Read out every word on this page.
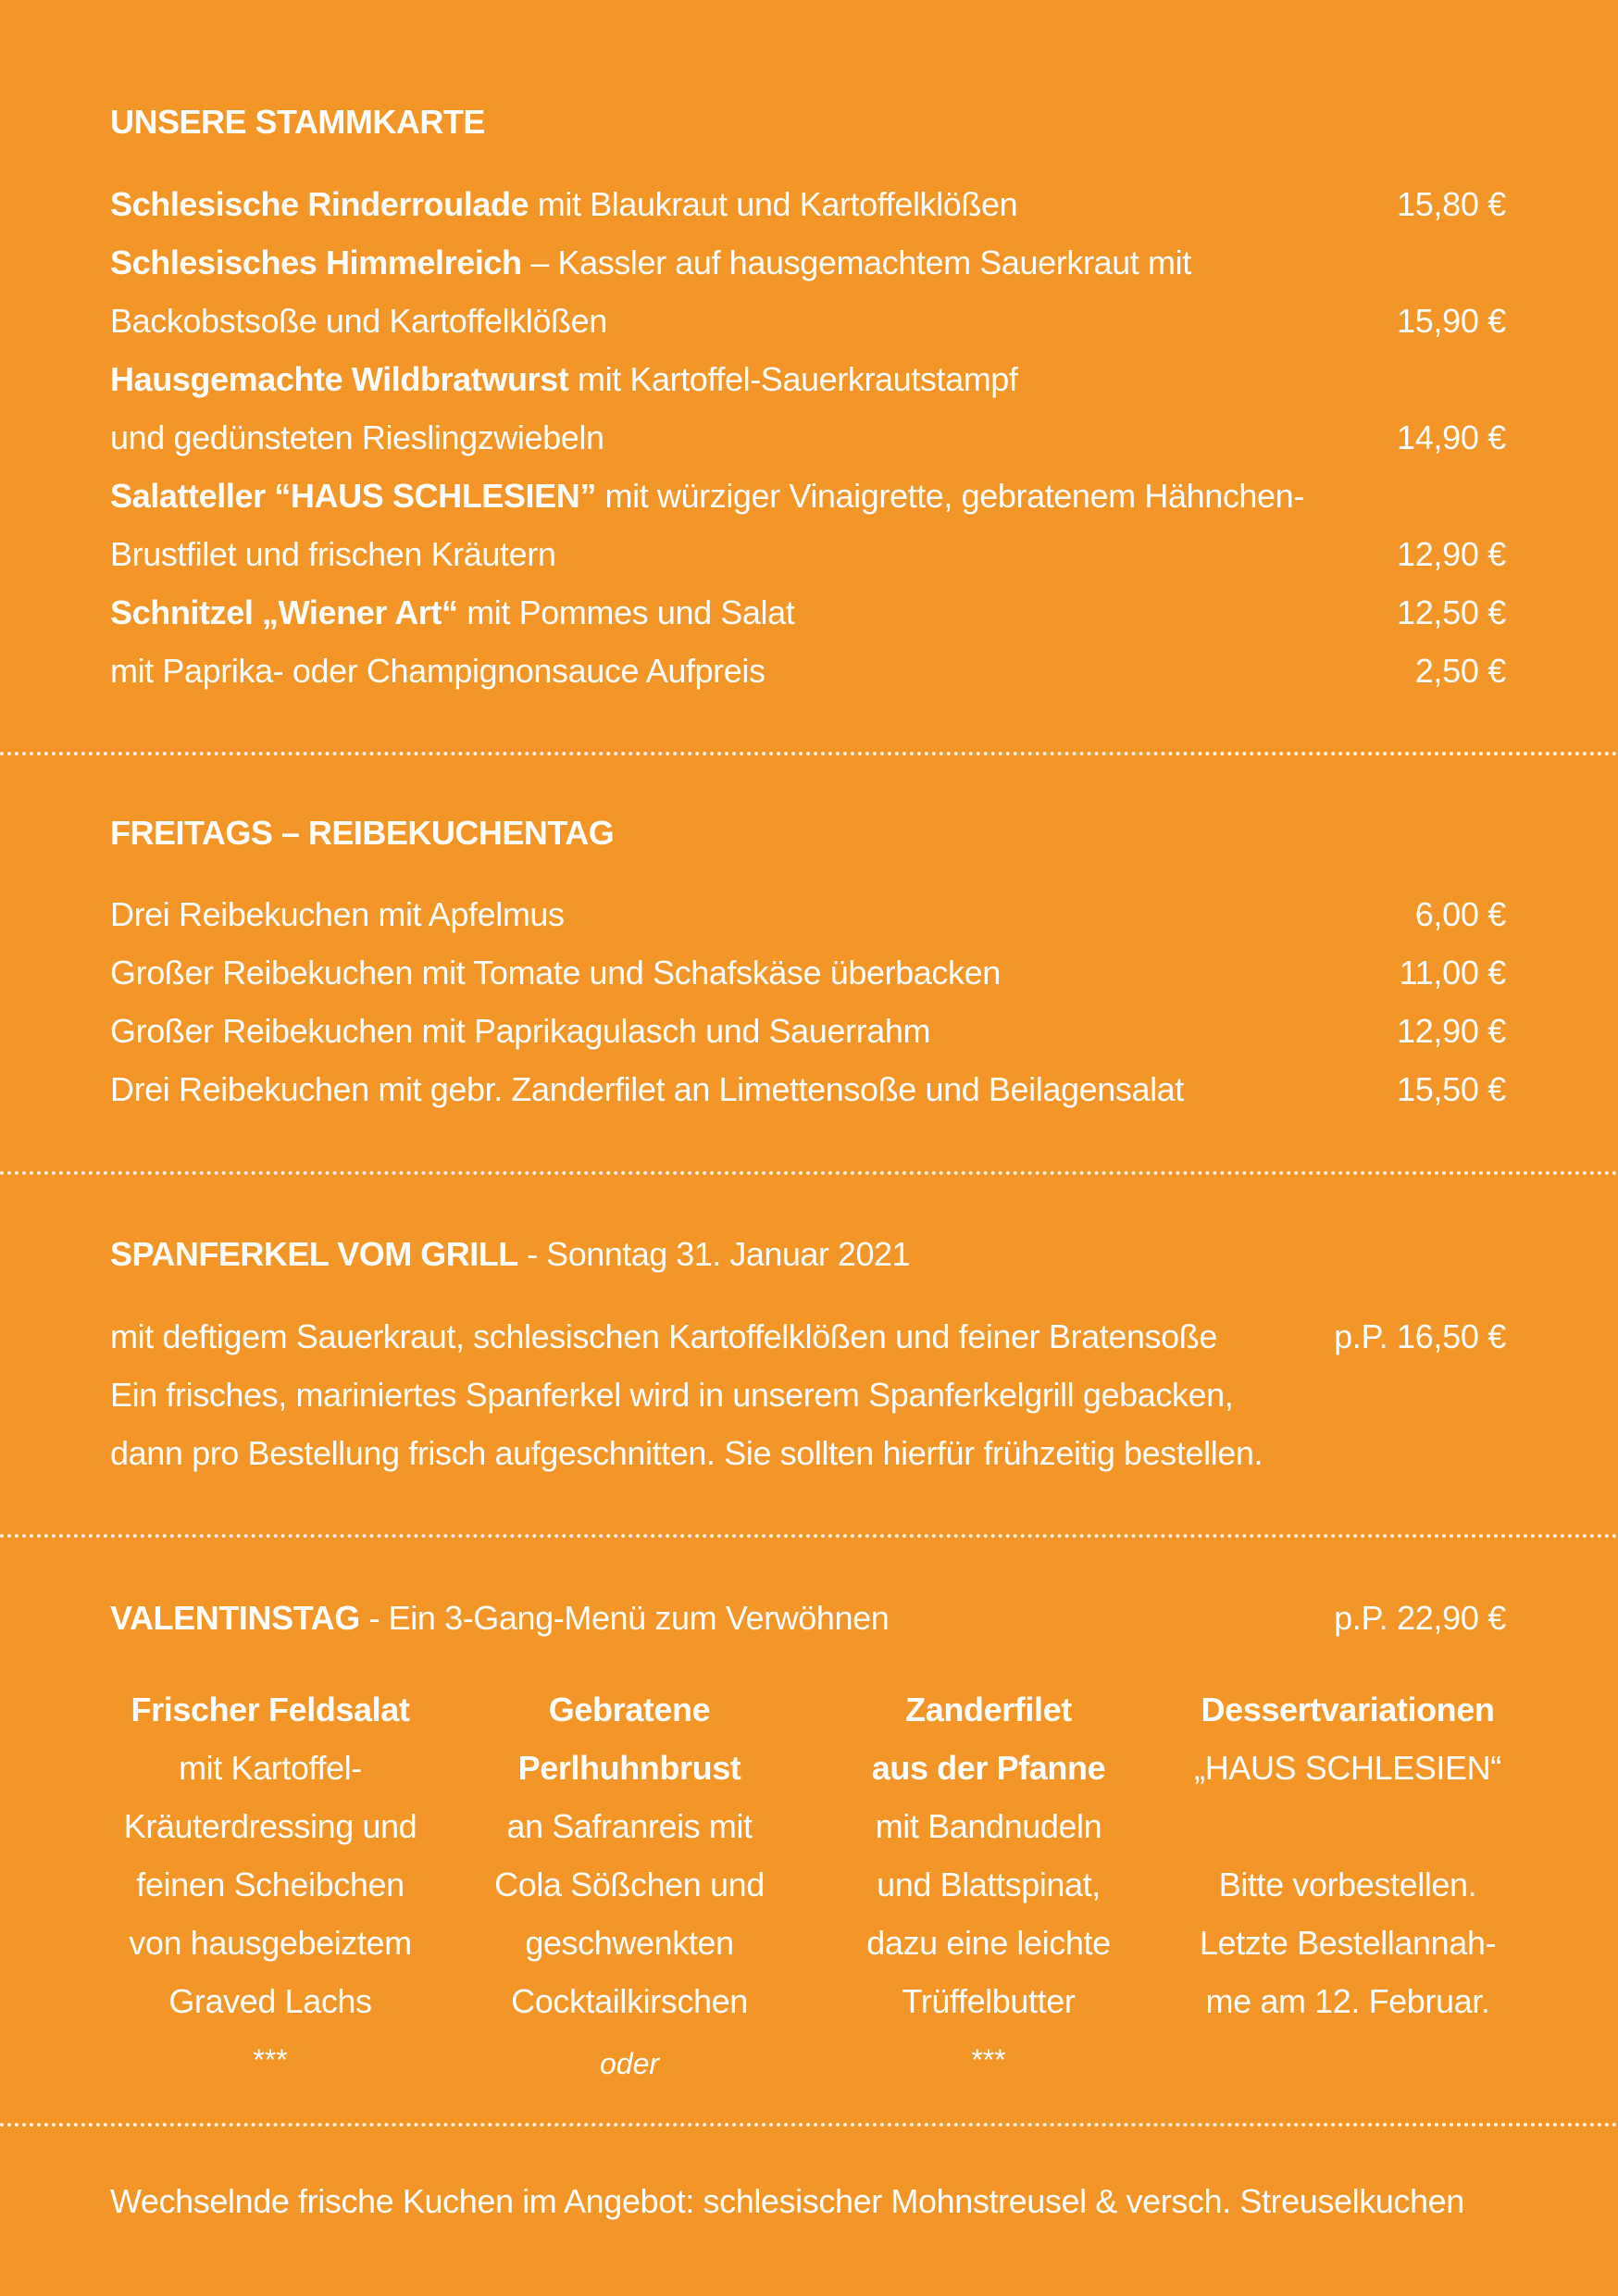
UNSERE STAMMKARTE
Schlesische Rinderroulade mit Blaukraut und Kartoffelklößen	15,80 €
Schlesisches Himmelreich – Kassler auf hausgemachtem Sauerkraut mit
Backobstsoße und Kartoffelklößen	15,90 €
Hausgemachte Wildbratwurst mit Kartoffel-Sauerkrautstampf
und gedünsteten Rieslingzwiebeln	14,90 €
Salatteller “HAUS SCHLESIEN” mit würziger Vinaigrette, gebratenem Hähnchen-
Brustfilet und frischen Kräutern	12,90 €
Schnitzel „Wiener Art“ mit Pommes und Salat	12,50 €
mit Paprika- oder Champignonsauce Aufpreis	2,50 €
FREITAGS – REIBEKUCHENTAG
Drei Reibekuchen mit Apfelmus	6,00 €
Großer Reibekuchen mit Tomate und Schafskäse überbacken	11,00 €
Großer Reibekuchen mit Paprikagulasch und Sauerrahm	12,90 €
Drei Reibekuchen mit gebr. Zanderfilet an Limettensoße und Beilagensalat	15,50 €
SPANFERKEL VOM GRILL - Sonntag 31. Januar 2021
mit deftigem Sauerkraut, schlesischen Kartoffelklößen und feiner Bratensoße	p.P. 16,50 €
Ein frisches, mariniertes Spanferkel wird in unserem Spanferkelgrill gebacken,
dann pro Bestellung frisch aufgeschnitten. Sie sollten hierfür frühzeitig bestellen.
VALENTINSTAG - Ein 3-Gang-Menü zum Verwöhnen	p.P. 22,90 €
Frischer Feldsalat
mit Kartoffel-
Kräuterdressing und
feinen Scheibchen
von hausgebeiztem
Graved Lachs
Gebratene
Perlhuhnbrust
an Safranreis mit
Cola Sößchen und
geschwenkten
Cocktailkirschen
Zanderfilet
aus der Pfanne
mit Bandnudeln
und Blattspinat,
dazu eine leichte
Trüffelbutter
Dessertvariationen
„HAUS SCHLESIEN“
Bitte vorbestellen.
Letzte Bestellannah-
me am 12. Februar.
***	oder	***
Wechselnde frische Kuchen im Angebot: schlesischer Mohnstreusel & versch. Streuselkuchen
